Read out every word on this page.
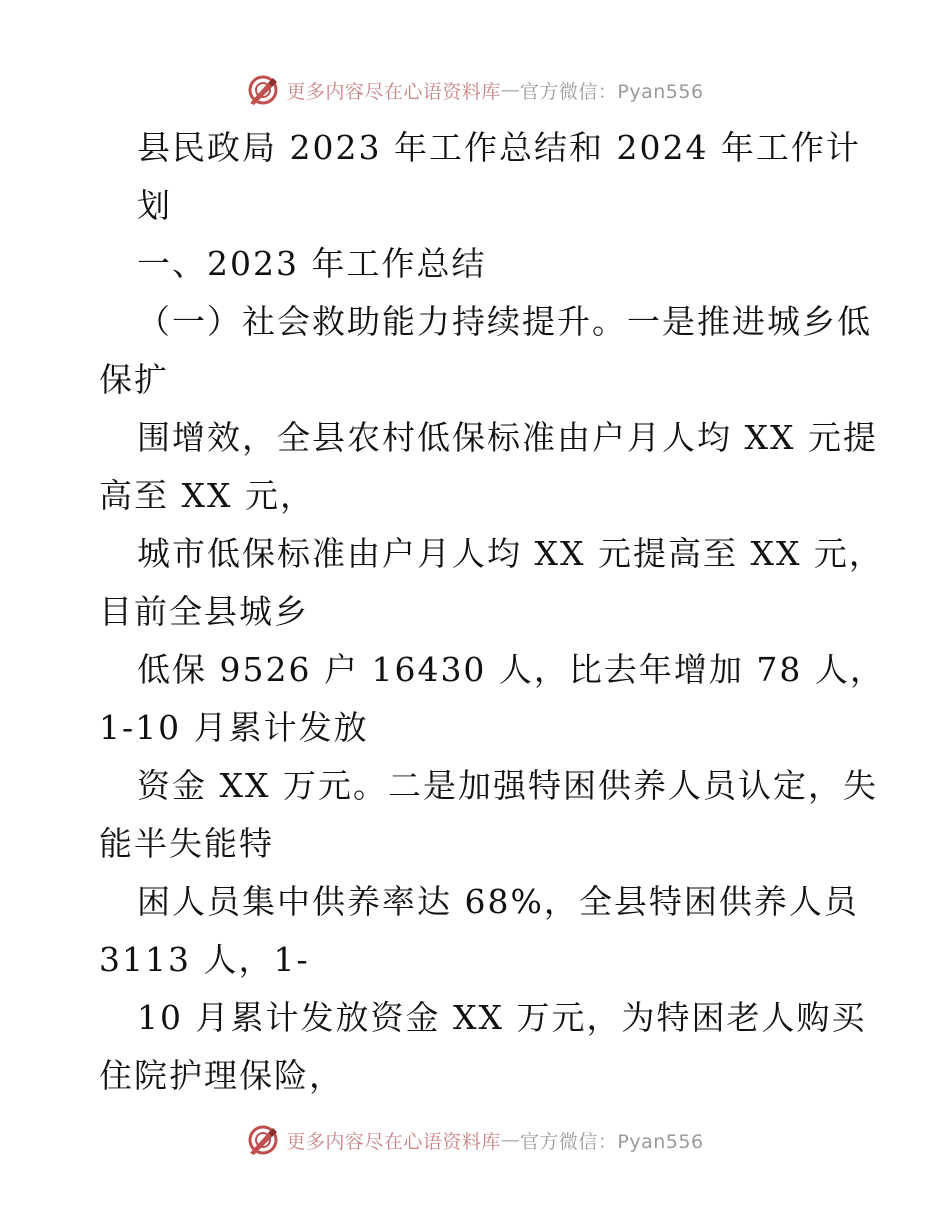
更多内容尽在心语资料库 — 官方微信：Pyan556
县民政局 2023 年工作总结和 2024 年工作计
划
一、2023 年工作总结
（一）社会救助能力持续提升。一是推进城乡低
保扩
围增效，全县农村低保标准由户月人均 XX 元提
高至 XX 元，
城市低保标准由户月人均 XX 元提高至 XX 元，
目前全县城乡
低保 9526 户 16430 人，比去年增加 78 人，
1-10 月累计发放
资金 XX 万元。二是加强特困供养人员认定，失
能半失能特
困人员集中供养率达 68%，全县特困供养人员
3113 人，1-
10 月累计发放资金 XX 万元，为特困老人购买
住院护理保险，
更多内容尽在心语资料库 — 官方微信：Pyan556
